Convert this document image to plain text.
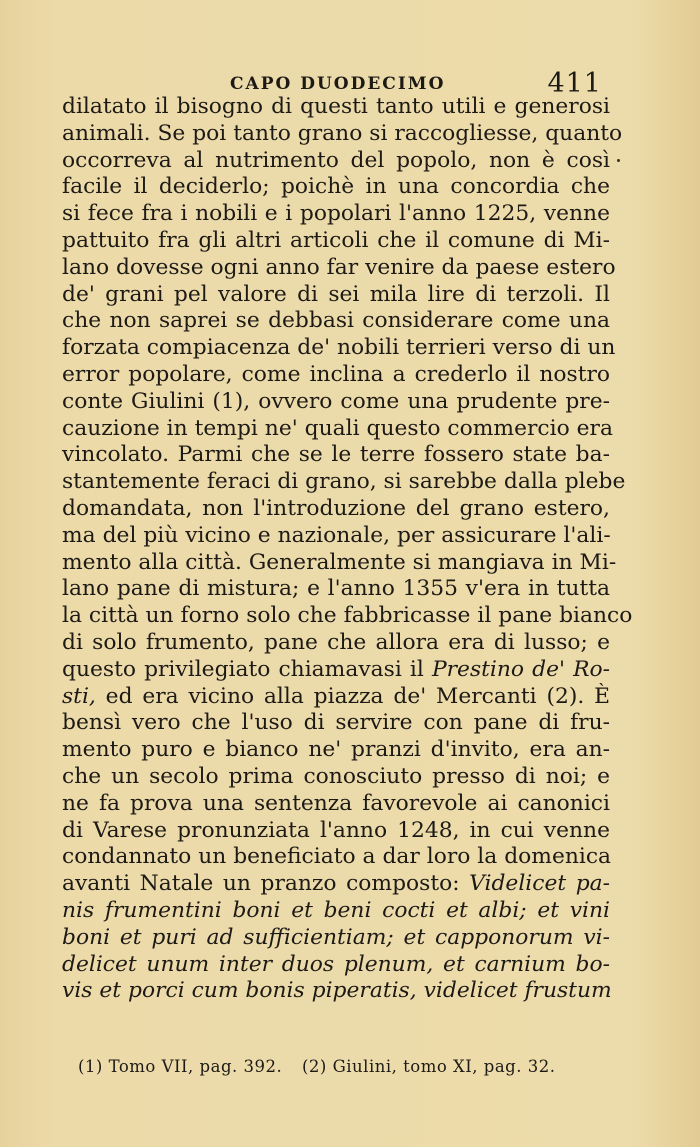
CAPO DUODECIMO	411
dilatato il bisogno di questi tanto utili e generosi
animali. Se poi tanto grano si raccogliesse, quanto
occorreva al nutrimento del popolo, non è così
facile il deciderlo; poichè in una concordia che
si fece fra i nobili e i popolari l'anno 1225, venne
pattuito fra gli altri articoli che il comune di Mi-
lano dovesse ogni anno far venire da paese estero
de' grani pel valore di sei mila lire di terzoli. Il
che non saprei se debbasi considerare come una
forzata compiacenza de' nobili terrieri verso di un
error popolare, come inclina a crederlo il nostro
conte Giulini (1), ovvero come una prudente pre-
cauzione in tempi ne' quali questo commercio era
vincolato. Parmi che se le terre fossero state ba-
stantemente feraci di grano, si sarebbe dalla plebe
domandata, non l'introduzione del grano estero,
ma del più vicino e nazionale, per assicurare l'ali-
mento alla città. Generalmente si mangiava in Mi-
lano pane di mistura; e l'anno 1355 v'era in tutta
la città un forno solo che fabbricasse il pane bianco
di solo frumento, pane che allora era di lusso; e
questo privilegiato chiamavasi il Prestino de' Ro-
sti, ed era vicino alla piazza de' Mercanti (2). È
bensì vero che l'uso di servire con pane di fru-
mento puro e bianco ne' pranzi d'invito, era an-
che un secolo prima conosciuto presso di noi; e
ne fa prova una sentenza favorevole ai canonici
di Varese pronunziata l'anno 1248, in cui venne
condannato un beneficiato a dar loro la domenica
avanti Natale un pranzo composto: Videlicet pa-
nis frumentini boni et beni cocti et albi; et vini
boni et puri ad sufficientiam; et capponorum vi-
delicet unum inter duos plenum, et carnium bo-
vis et porci cum bonis piperatis, videlicet frustum
(1) Tomo VII, pag. 392. (2) Giulini, tomo XI, pag. 32.
